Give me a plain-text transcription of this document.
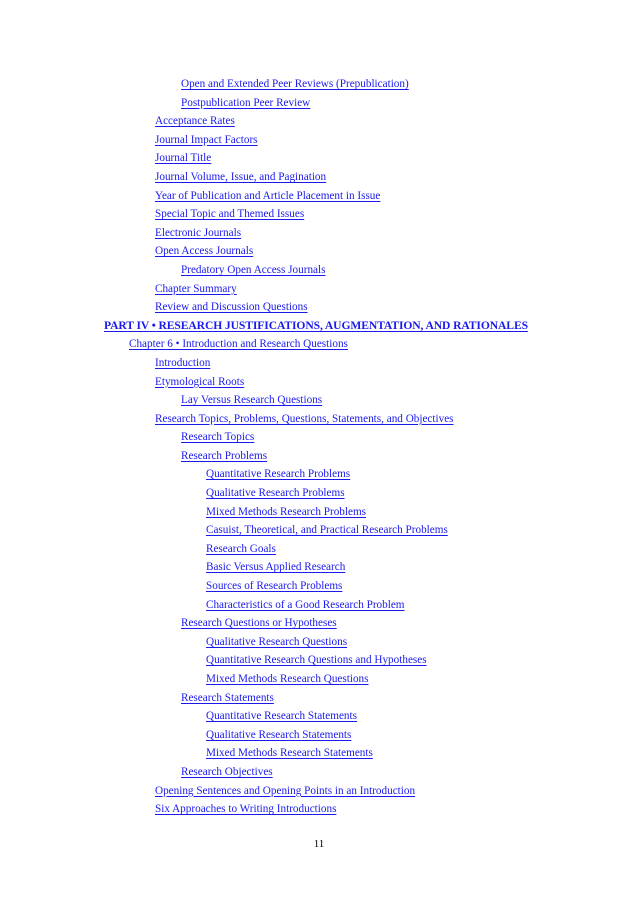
Open and Extended Peer Reviews (Prepublication)
Postpublication Peer Review
Acceptance Rates
Journal Impact Factors
Journal Title
Journal Volume, Issue, and Pagination
Year of Publication and Article Placement in Issue
Special Topic and Themed Issues
Electronic Journals
Open Access Journals
Predatory Open Access Journals
Chapter Summary
Review and Discussion Questions
PART IV • RESEARCH JUSTIFICATIONS, AUGMENTATION, AND RATIONALES
Chapter 6 • Introduction and Research Questions
Introduction
Etymological Roots
Lay Versus Research Questions
Research Topics, Problems, Questions, Statements, and Objectives
Research Topics
Research Problems
Quantitative Research Problems
Qualitative Research Problems
Mixed Methods Research Problems
Casuist, Theoretical, and Practical Research Problems
Research Goals
Basic Versus Applied Research
Sources of Research Problems
Characteristics of a Good Research Problem
Research Questions or Hypotheses
Qualitative Research Questions
Quantitative Research Questions and Hypotheses
Mixed Methods Research Questions
Research Statements
Quantitative Research Statements
Qualitative Research Statements
Mixed Methods Research Statements
Research Objectives
Opening Sentences and Opening Points in an Introduction
Six Approaches to Writing Introductions
11
